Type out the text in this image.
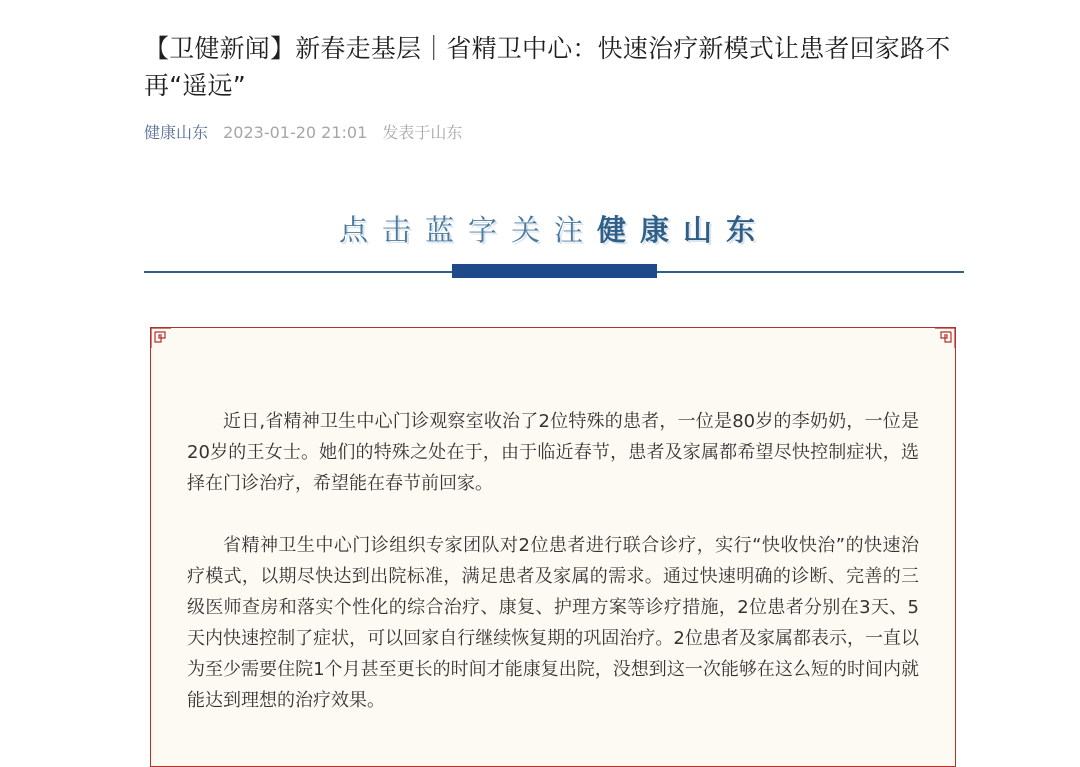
【卫健新闻】新春走基层｜省精卫中心：快速治疗新模式让患者回家路不再“遥远”
健康山东 2023-01-20 21:01 发表于山东
点击蓝字关注健康山东

近日,省精神卫生中心门诊观察室收治了2位特殊的患者，一位是80岁的李奶奶，一位是20岁的王女士。她们的特殊之处在于，由于临近春节，患者及家属都希望尽快控制症状，选择在门诊治疗，希望能在春节前回家。

省精神卫生中心门诊组织专家团队对2位患者进行联合诊疗，实行“快收快治”的快速治疗模式，以期尽快达到出院标准，满足患者及家属的需求。通过快速明确的诊断、完善的三级医师查房和落实个性化的综合治疗、康复、护理方案等诊疗措施，2位患者分别在3天、5天内快速控制了症状，可以回家自行继续恢复期的巩固治疗。2位患者及家属都表示，一直以为至少需要住院1个月甚至更长的时间才能康复出院，没想到这一次能够在这么短的时间内就能达到理想的治疗效果。
